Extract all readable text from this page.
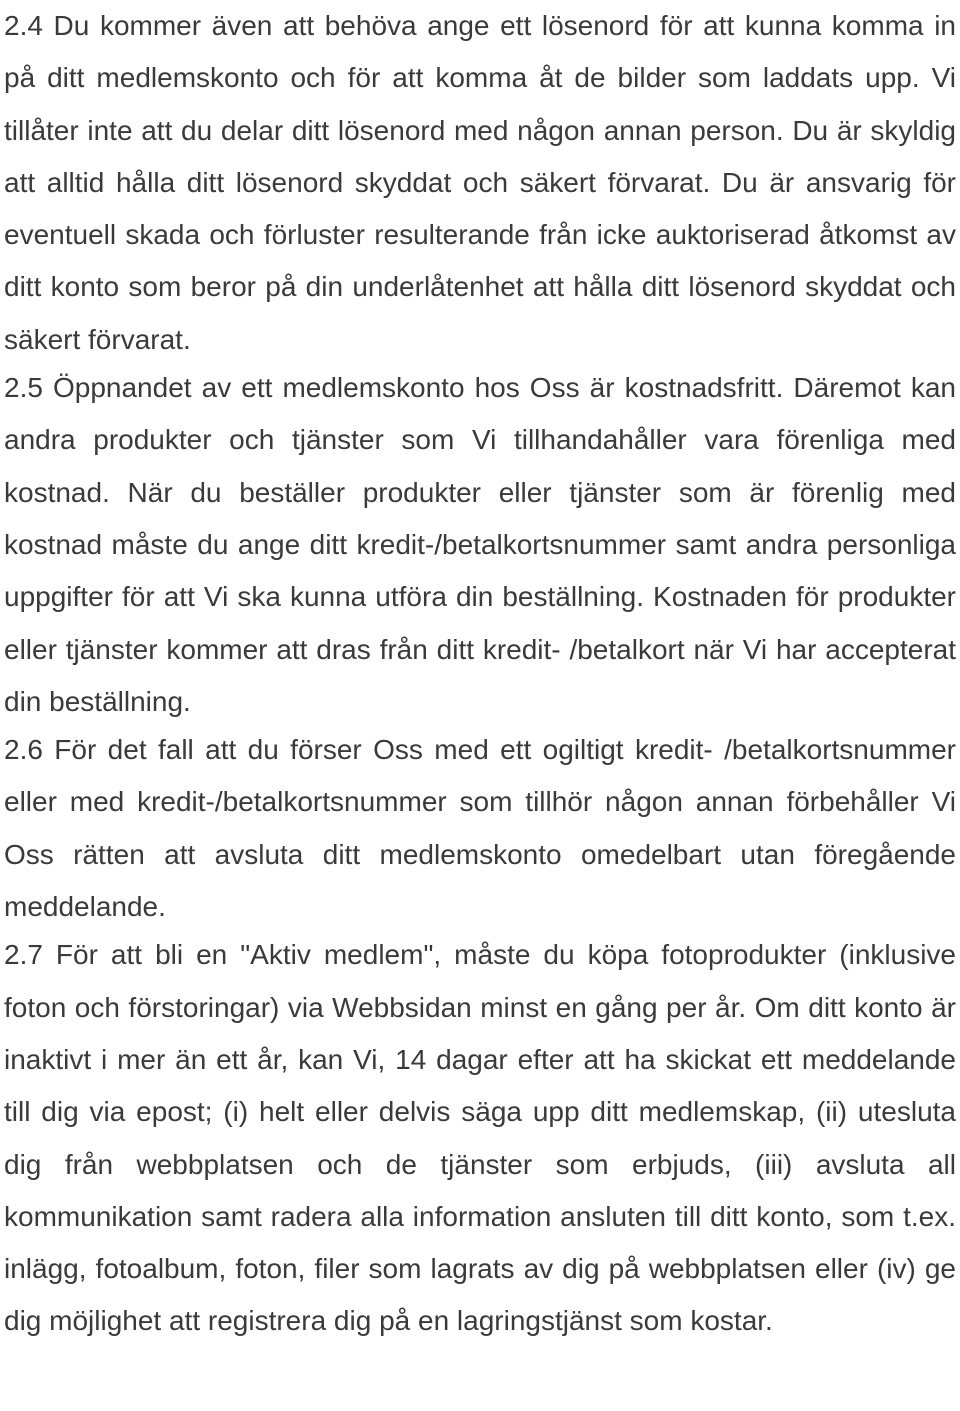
2.4 Du kommer även att behöva ange ett lösenord för att kunna komma in på ditt medlemskonto och för att komma åt de bilder som laddats upp. Vi tillåter inte att du delar ditt lösenord med någon annan person. Du är skyldig att alltid hålla ditt lösenord skyddat och säkert förvarat. Du är ansvarig för eventuell skada och förluster resulterande från icke auktoriserad åtkomst av ditt konto som beror på din underlåtenhet att hålla ditt lösenord skyddat och säkert förvarat.

2.5 Öppnandet av ett medlemskonto hos Oss är kostnadsfritt. Däremot kan andra produkter och tjänster som Vi tillhandahåller vara förenliga med kostnad. När du beställer produkter eller tjänster som är förenlig med kostnad måste du ange ditt kredit-/betalkortsnummer samt andra personliga uppgifter för att Vi ska kunna utföra din beställning. Kostnaden för produkter eller tjänster kommer att dras från ditt kredit- /betalkort när Vi har accepterat din beställning.

2.6 För det fall att du förser Oss med ett ogiltigt kredit- /betalkortsnummer eller med kredit-/betalkortsnummer som tillhör någon annan förbehåller Vi Oss rätten att avsluta ditt medlemskonto omedelbart utan föregående meddelande.

2.7 För att bli en "Aktiv medlem", måste du köpa fotoprodukter (inklusive foton och förstoringar) via Webbsidan minst en gång per år. Om ditt konto är inaktivt i mer än ett år, kan Vi, 14 dagar efter att ha skickat ett meddelande till dig via epost; (i) helt eller delvis säga upp ditt medlemskap, (ii) utesluta dig från webbplatsen och de tjänster som erbjuds, (iii) avsluta all kommunikation samt radera alla information ansluten till ditt konto, som t.ex. inlägg, fotoalbum, foton, filer som lagrats av dig på webbplatsen eller (iv) ge dig möjlighet att registrera dig på en lagringstjänst som kostar.
